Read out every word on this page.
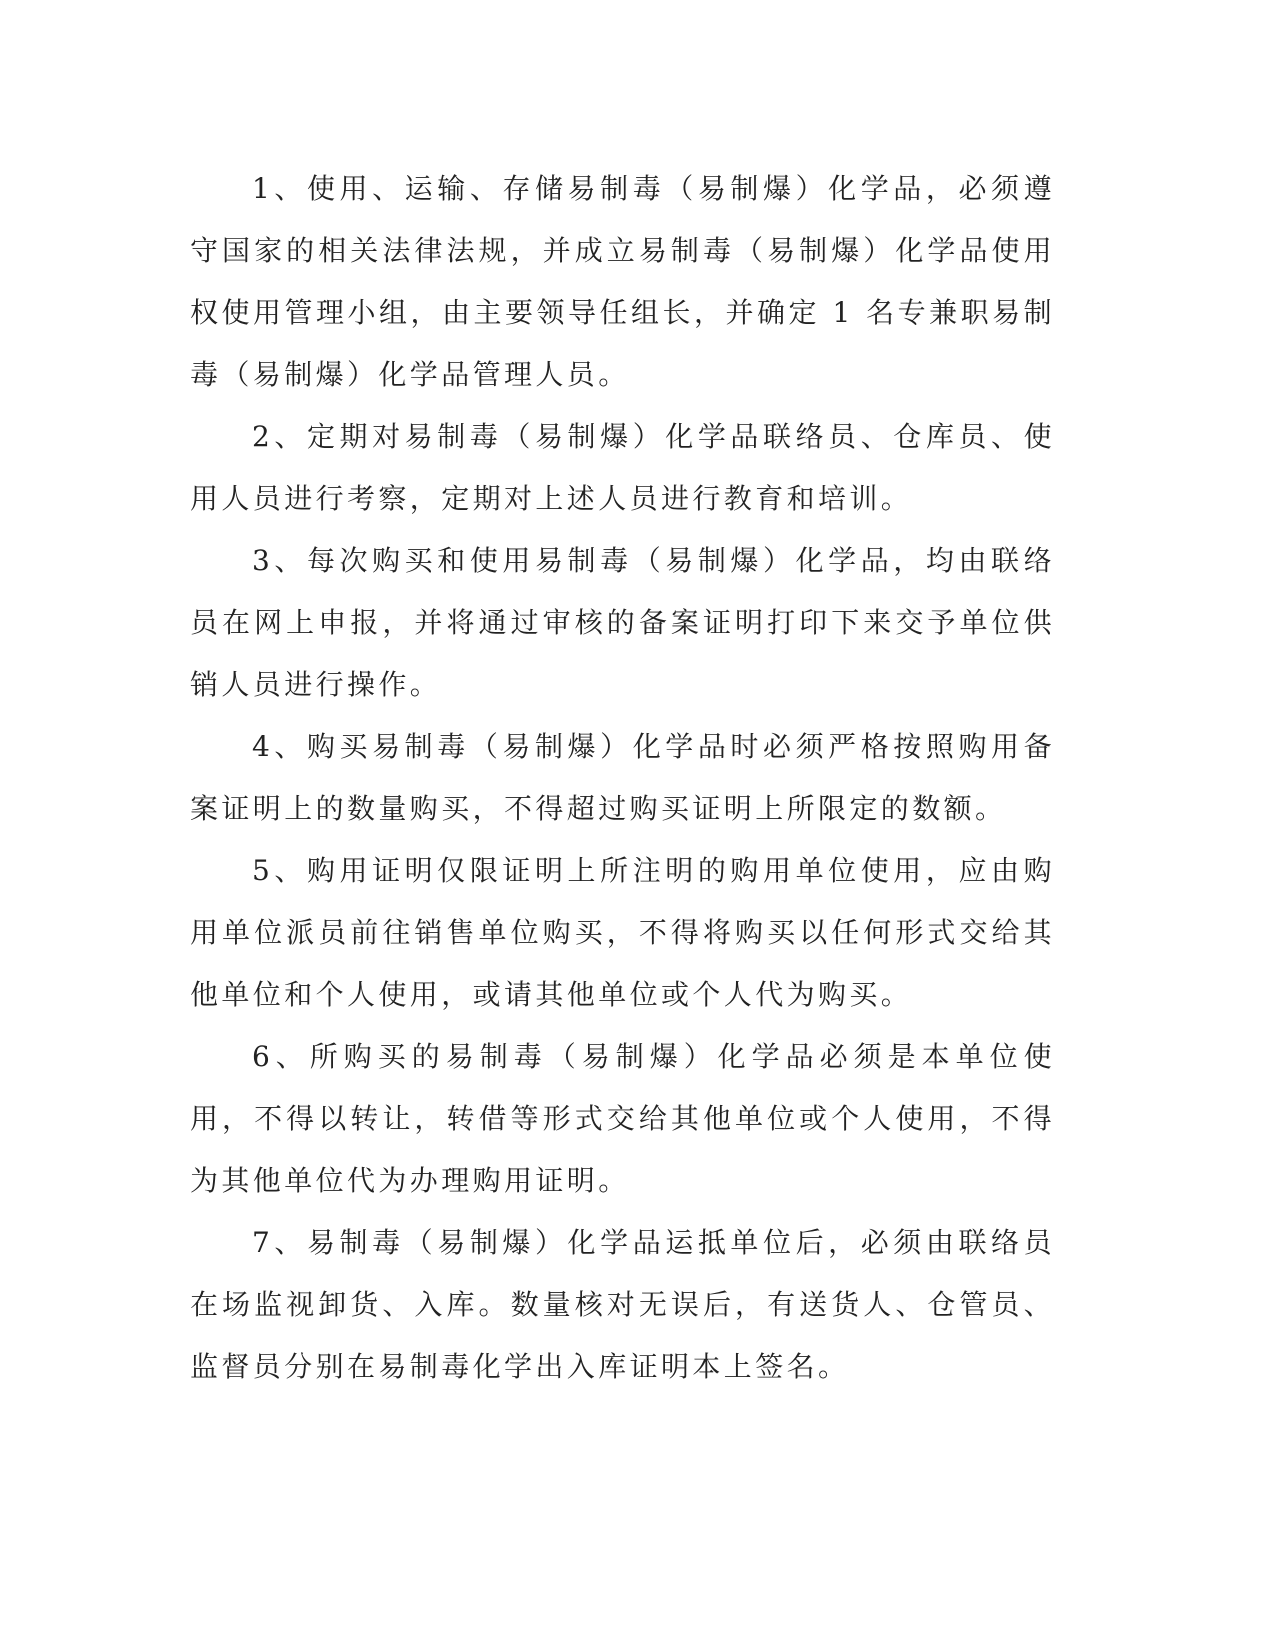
1、使用、运输、存储易制毒（易制爆）化学品，必须遵守国家的相关法律法规，并成立易制毒（易制爆）化学品使用权使用管理小组，由主要领导任组长，并确定 1 名专兼职易制毒（易制爆）化学品管理人员。

2、定期对易制毒（易制爆）化学品联络员、仓库员、使用人员进行考察，定期对上述人员进行教育和培训。

3、每次购买和使用易制毒（易制爆）化学品，均由联络员在网上申报，并将通过审核的备案证明打印下来交予单位供销人员进行操作。

4、购买易制毒（易制爆）化学品时必须严格按照购用备案证明上的数量购买，不得超过购买证明上所限定的数额。

5、购用证明仅限证明上所注明的购用单位使用，应由购用单位派员前往销售单位购买，不得将购买以任何形式交给其他单位和个人使用，或请其他单位或个人代为购买。

6、所购买的易制毒（易制爆）化学品必须是本单位使用，不得以转让，转借等形式交给其他单位或个人使用，不得为其他单位代为办理购用证明。

7、易制毒（易制爆）化学品运抵单位后，必须由联络员在场监视卸货、入库。数量核对无误后，有送货人、仓管员、监督员分别在易制毒化学出入库证明本上签名。
